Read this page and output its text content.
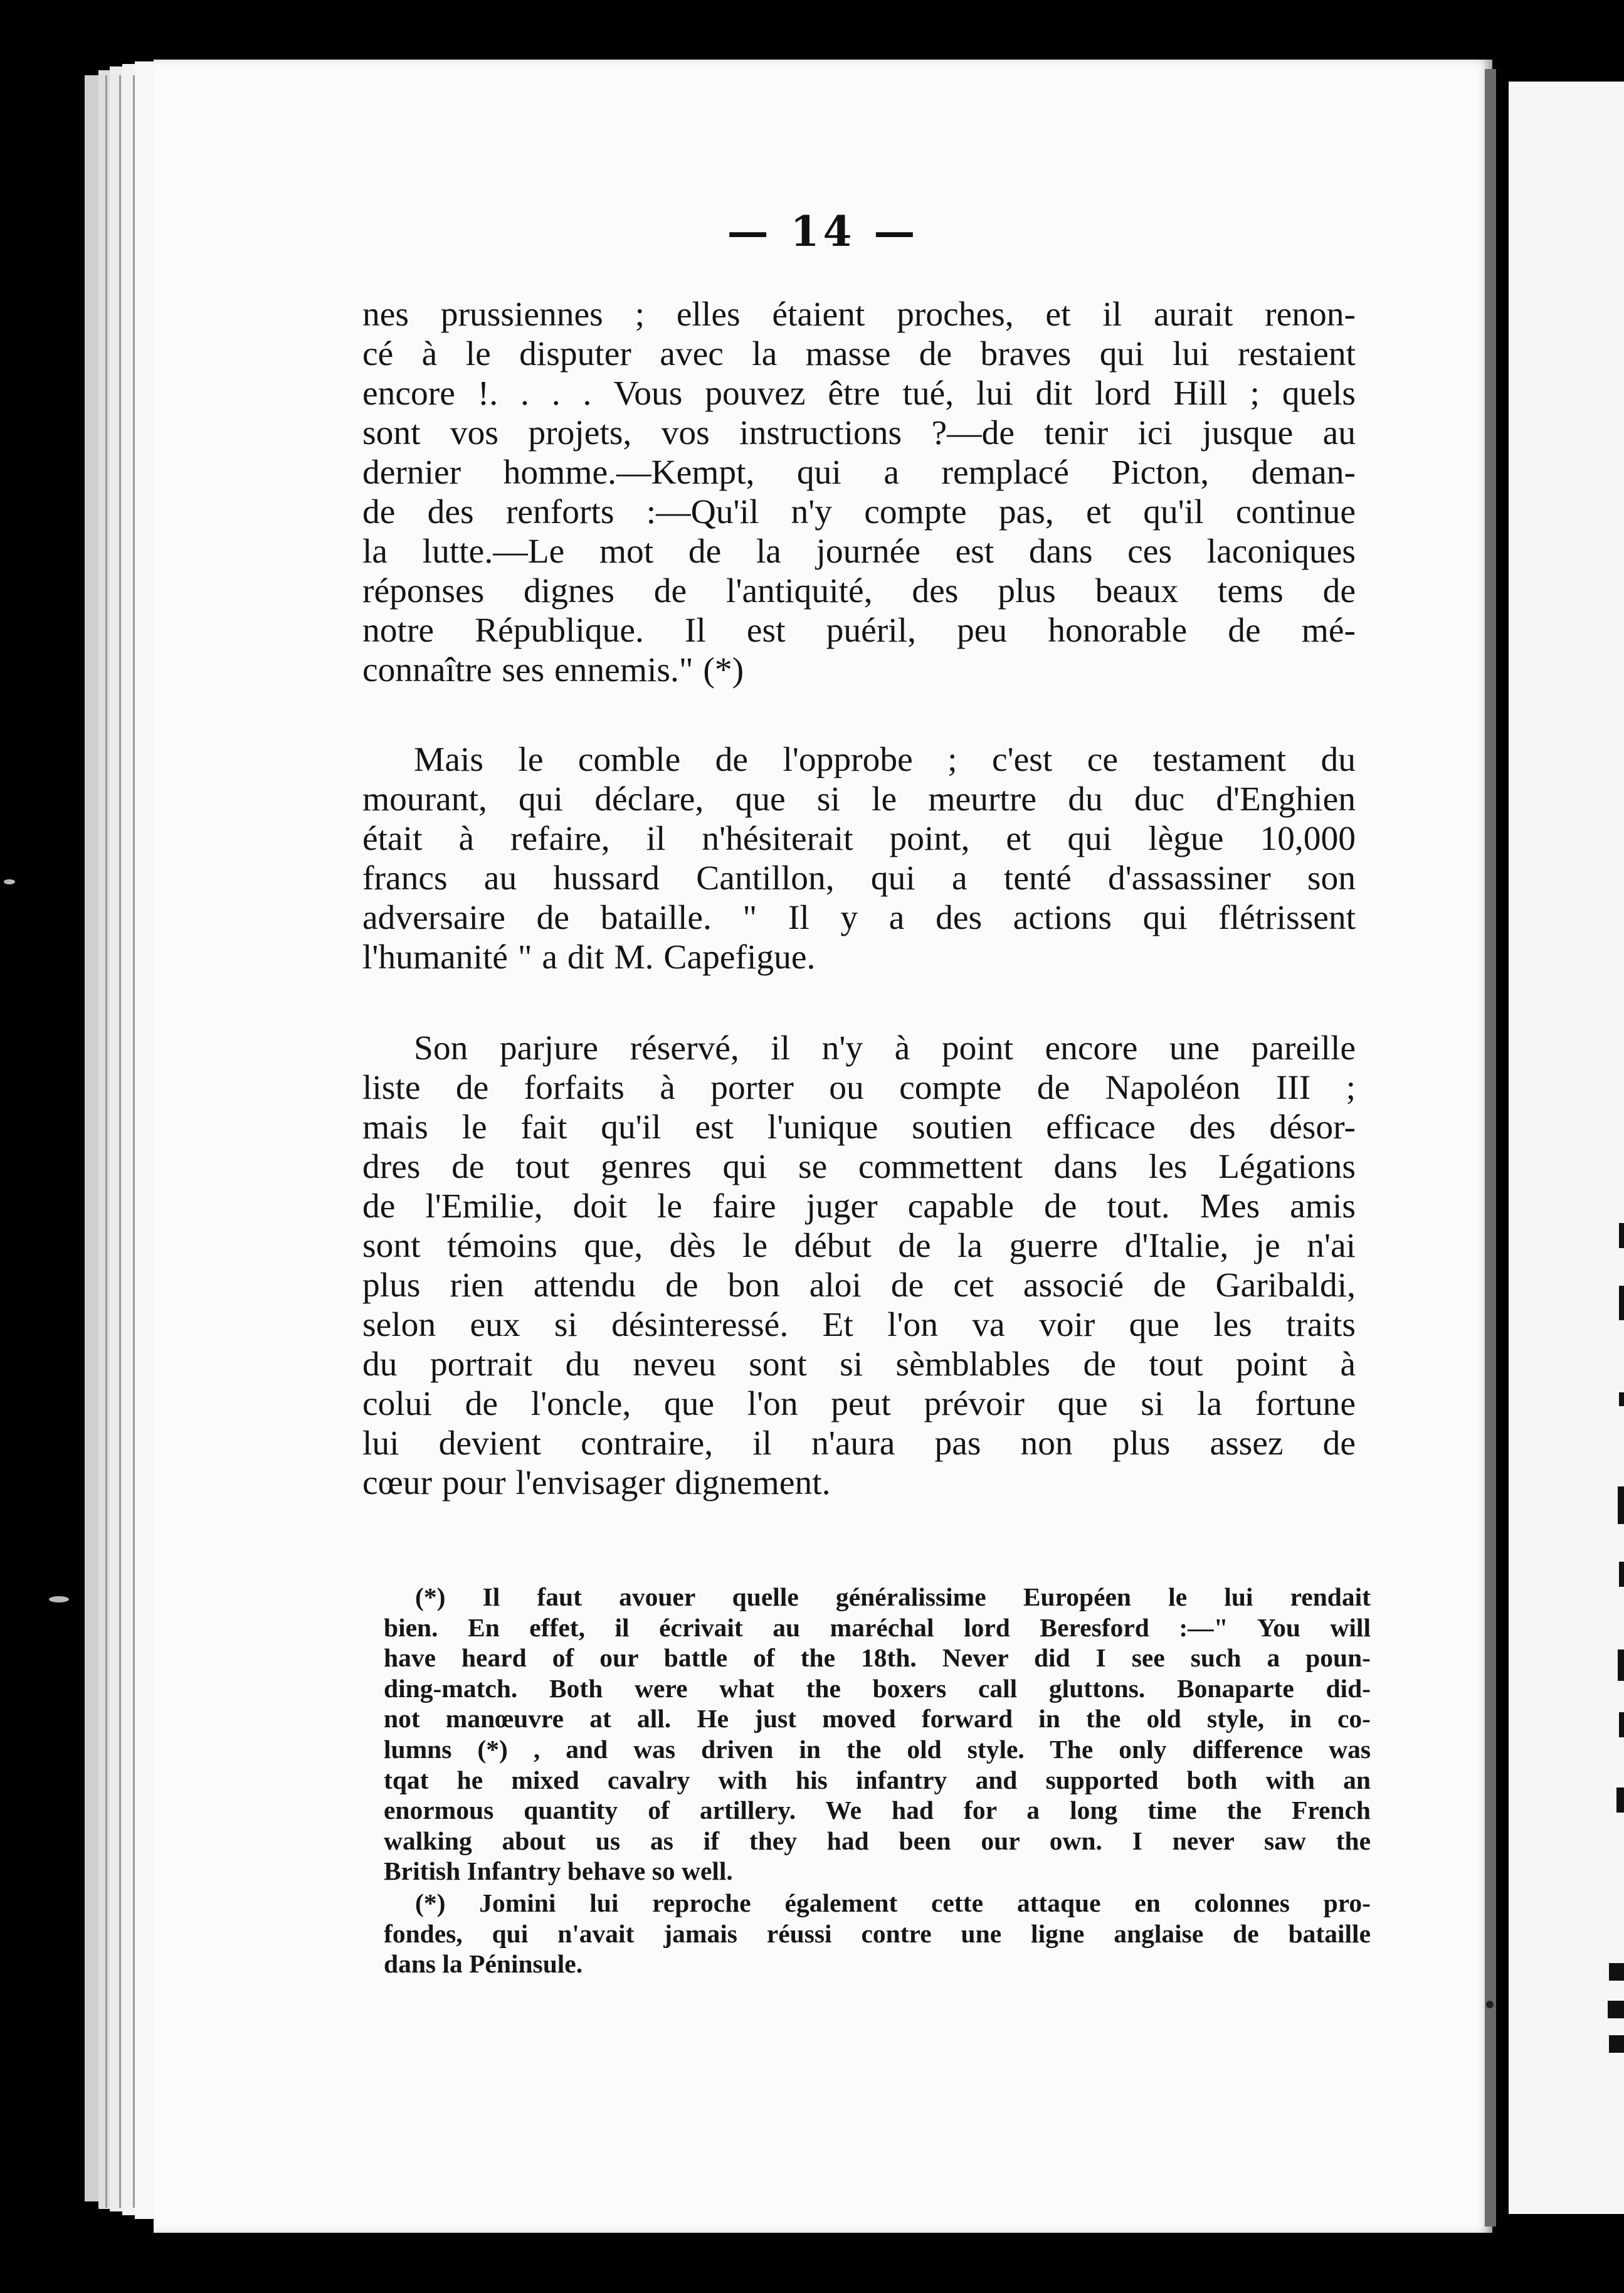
— 14 —
nes prussiennes ; elles étaient proches, et il aurait renon-
cé à le disputer avec la masse de braves qui lui restaient
encore !. . . . Vous pouvez être tué, lui dit lord Hill ; quels
sont vos projets, vos instructions ?—de tenir ici jusque au
dernier homme.—Kempt, qui a remplacé Picton, deman-
de des renforts :—Qu'il n'y compte pas, et qu'il continue
la lutte.—Le mot de la journée est dans ces laconiques
réponses dignes de l'antiquité, des plus beaux tems de
notre République. Il est puéril, peu honorable de mé-
connaître ses ennemis." (*)
Mais le comble de l'opprobe ; c'est ce testament du
mourant, qui déclare, que si le meurtre du duc d'Enghien
était à refaire, il n'hésiterait point, et qui lègue 10,000
francs au hussard Cantillon, qui a tenté d'assassiner son
adversaire de bataille. " Il y a des actions qui flétrissent
l'humanité " a dit M. Capefigue.
Son parjure réservé, il n'y à point encore une pareille
liste de forfaits à porter ou compte de Napoléon III ;
mais le fait qu'il est l'unique soutien efficace des désor-
dres de tout genres qui se commettent dans les Légations
de l'Emilie, doit le faire juger capable de tout. Mes amis
sont témoins que, dès le début de la guerre d'Italie, je n'ai
plus rien attendu de bon aloi de cet associé de Garibaldi,
selon eux si désinteressé. Et l'on va voir que les traits
du portrait du neveu sont si sèmblables de tout point à
colui de l'oncle, que l'on peut prévoir que si la fortune
lui devient contraire, il n'aura pas non plus assez de
cœur pour l'envisager dignement.
(*) Il faut avouer quelle généralissime Européen le lui rendait
bien. En effet, il écrivait au maréchal lord Beresford :—" You will
have heard of our battle of the 18th. Never did I see such a poun-
ding-match. Both were what the boxers call gluttons. Bonaparte did-
not manœuvre at all. He just moved forward in the old style, in co-
lumns (*) , and was driven in the old style. The only difference was
tqat he mixed cavalry with his infantry and supported both with an
enormous quantity of artillery. We had for a long time the French
walking about us as if they had been our own. I never saw the
British Infantry behave so well.
(*) Jomini lui reproche également cette attaque en colonnes pro-
fondes, qui n'avait jamais réussi contre une ligne anglaise de bataille
dans la Péninsule.
